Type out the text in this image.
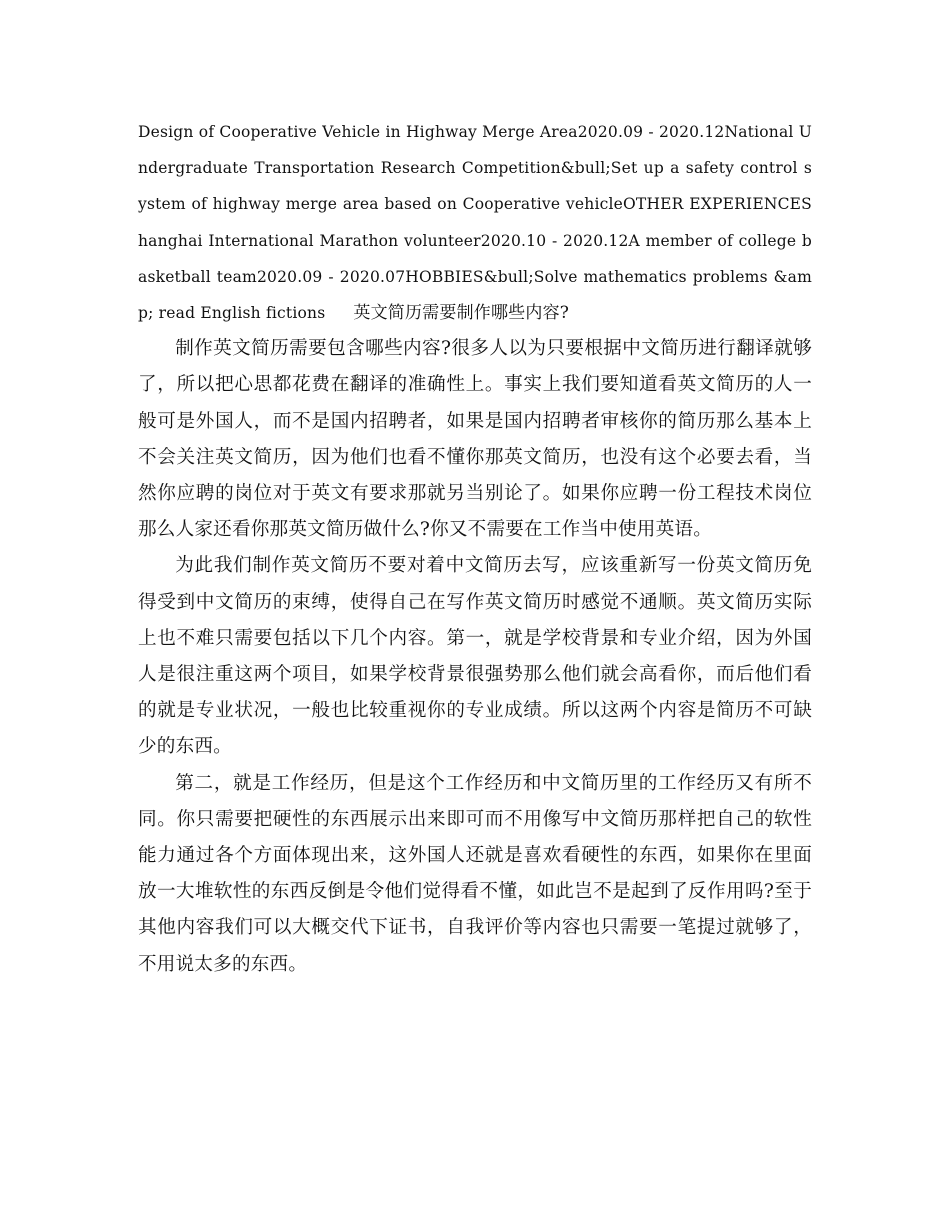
Design of Cooperative Vehicle in Highway Merge Area2020.09 - 2020.12National Undergraduate Transportation Research Competition&bull;Set up a safety control system of highway merge area based on Cooperative vehicleOTHER EXPERIENCEShanghai International Marathon volunteer2020.10 - 2020.12A member of college basketball team2020.09 - 2020.07HOBBIES&bull;Solve mathematics problems &amp; read English fictions 英文简历需要制作哪些内容?

制作英文简历需要包含哪些内容?很多人以为只要根据中文简历进行翻译就够了，所以把心思都花费在翻译的准确性上。事实上我们要知道看英文简历的人一般可是外国人，而不是国内招聘者，如果是国内招聘者审核你的简历那么基本上不会关注英文简历，因为他们也看不懂你那英文简历，也没有这个必要去看，当然你应聘的岗位对于英文有要求那就另当别论了。如果你应聘一份工程技术岗位那么人家还看你那英文简历做什么?你又不需要在工作当中使用英语。

为此我们制作英文简历不要对着中文简历去写，应该重新写一份英文简历免得受到中文简历的束缚，使得自己在写作英文简历时感觉不通顺。英文简历实际上也不难只需要包括以下几个内容。第一，就是学校背景和专业介绍，因为外国人是很注重这两个项目，如果学校背景很强势那么他们就会高看你，而后他们看的就是专业状况，一般也比较重视你的专业成绩。所以这两个内容是简历不可缺少的东西。

第二，就是工作经历，但是这个工作经历和中文简历里的工作经历又有所不同。你只需要把硬性的东西展示出来即可而不用像写中文简历那样把自己的软性能力通过各个方面体现出来，这外国人还就是喜欢看硬性的东西，如果你在里面放一大堆软性的东西反倒是令他们觉得看不懂，如此岂不是起到了反作用吗?至于其他内容我们可以大概交代下证书，自我评价等内容也只需要一笔提过就够了，不用说太多的东西。
